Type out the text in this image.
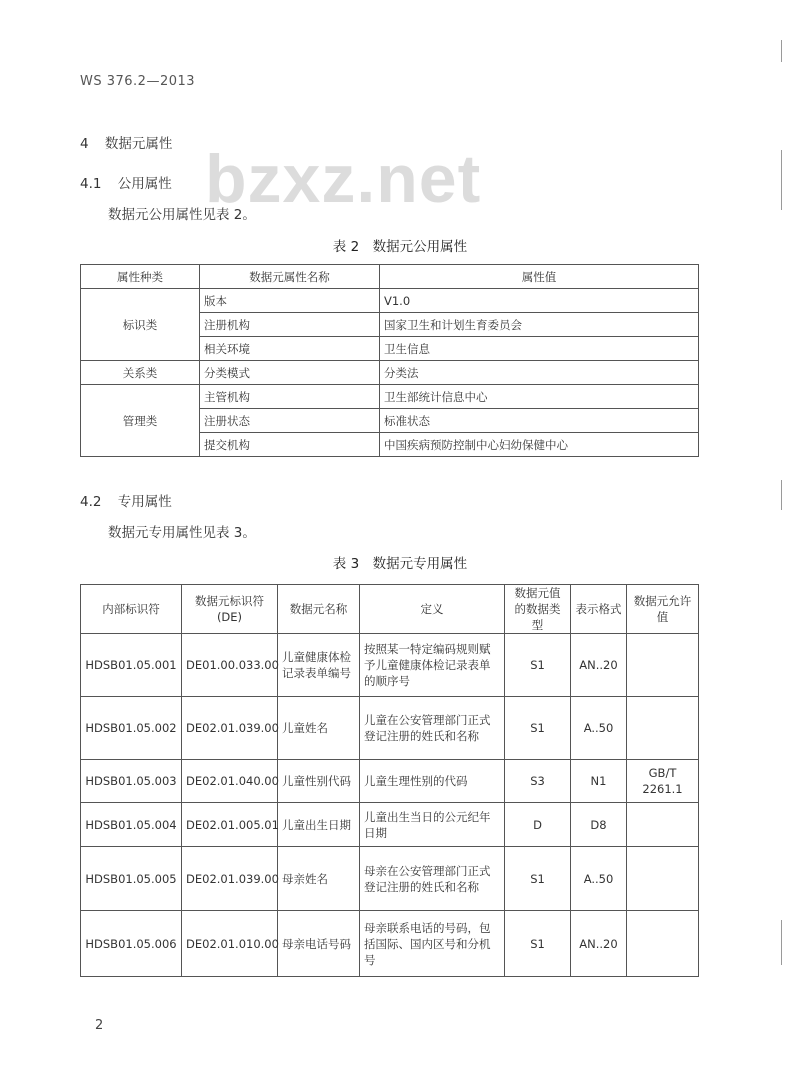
WS 376.2—2013
bzxz.net
4 数据元属性
4.1 公用属性
数据元公用属性见表 2。
表 2　数据元公用属性
属性种类	数据元属性名称	属性值
标识类	版本	V1.0
	注册机构	国家卫生和计划生育委员会
	相关环境	卫生信息
关系类	分类模式	分类法
管理类	主管机构	卫生部统计信息中心
	注册状态	标准状态
	提交机构	中国疾病预防控制中心妇幼保健中心
4.2 专用属性
数据元专用属性见表 3。
表 3　数据元专用属性
内部标识符	数据元标识符(DE)	数据元名称	定义	数据元值的数据类型	表示格式	数据元允许值
HDSB01.05.001	DE01.00.033.00	儿童健康体检记录表单编号	按照某一特定编码规则赋予儿童健康体检记录表单的顺序号	S1	AN..20	
HDSB01.05.002	DE02.01.039.00	儿童姓名	儿童在公安管理部门正式登记注册的姓氏和名称	S1	A..50	
HDSB01.05.003	DE02.01.040.00	儿童性别代码	儿童生理性别的代码	S3	N1	GB/T 2261.1
HDSB01.05.004	DE02.01.005.01	儿童出生日期	儿童出生当日的公元纪年日期	D	D8	
HDSB01.05.005	DE02.01.039.00	母亲姓名	母亲在公安管理部门正式登记注册的姓氏和名称	S1	A..50	
HDSB01.05.006	DE02.01.010.00	母亲电话号码	母亲联系电话的号码，包括国际、国内区号和分机号	S1	AN..20	
2
